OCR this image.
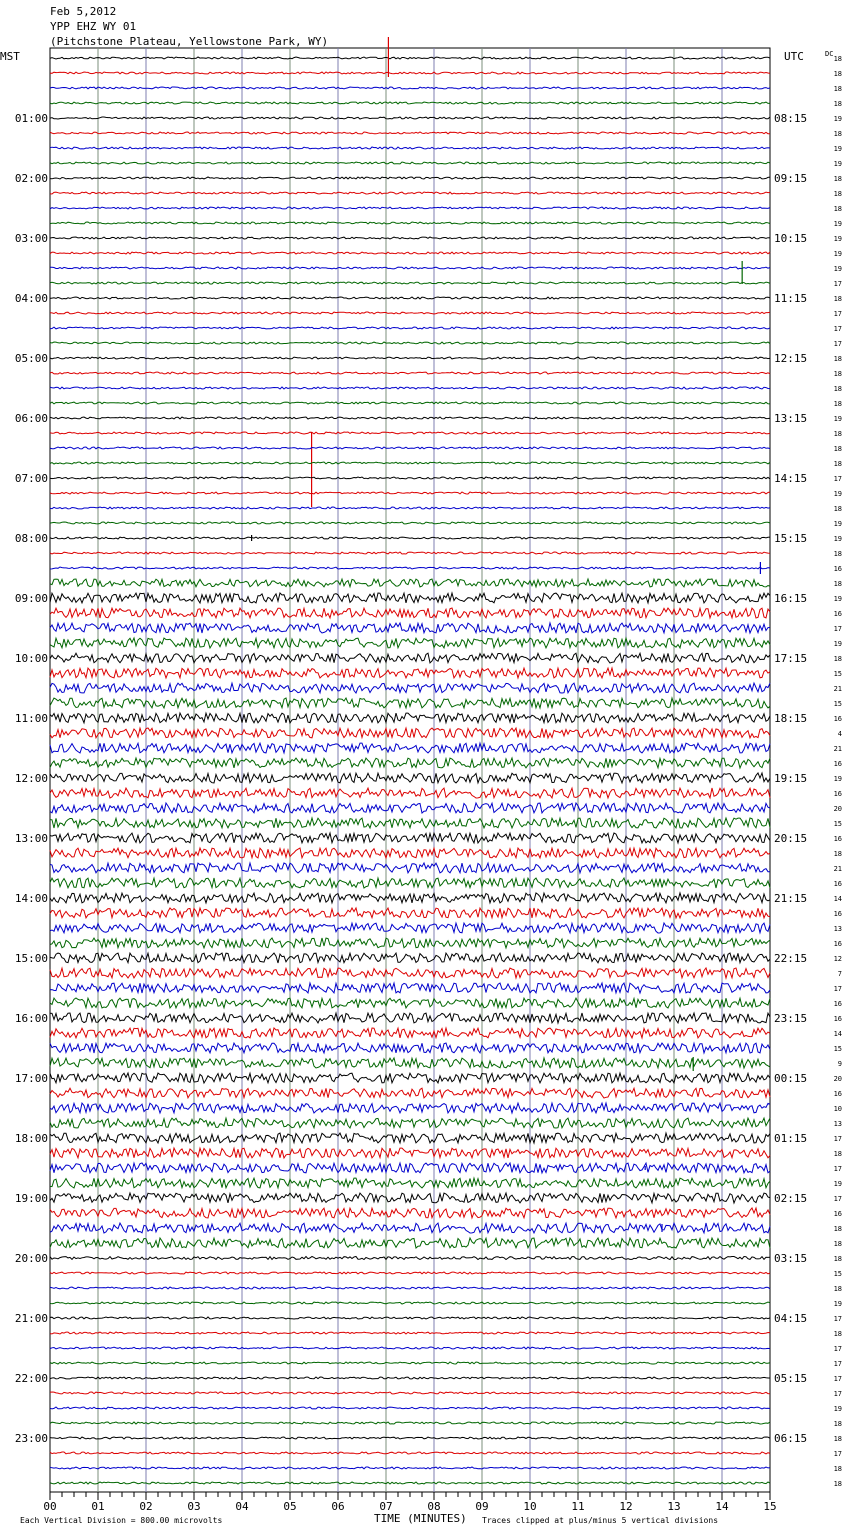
Feb 5,2012
YPP EHZ WY 01
(Pitchstone Plateau, Yellowstone Park, WY)
18
18
18
18
19
18
19
19
18
18
18
19
19
19
19
17
18
17
17
17
18
18
18
18
19
18
18
18
17
19
18
19
19
18
16
18
19
16
17
19
18
15
21
15
16
4
21
16
19
16
20
15
16
18
21
16
14
16
13
16
12
7
17
16
16
14
15
9
20
16
10
13
17
18
17
19
17
16
18
18
18
15
18
19
17
18
17
17
17
17
19
18
18
17
18
18
MST	UTC	DC
01:00
02:00
03:00
04:00
05:00
06:00
07:00
08:00
09:00
10:00
11:00
12:00
13:00
14:00
15:00
16:00
17:00
18:00
19:00
20:00
21:00
22:00
23:00
08:15
09:15
10:15
11:15
12:15
13:15
14:15
15:15
16:15
17:15
18:15
19:15
20:15
21:15
22:15
23:15
00:15
01:15
02:15
03:15
04:15
05:15
06:15
00	01	02	03	04	05	06	07	08	09	10	11	12	13	14	15
Each Vertical Division = 800.00 microvolts	TIME (MINUTES) Traces clipped at plus/minus 5 vertical divisions
